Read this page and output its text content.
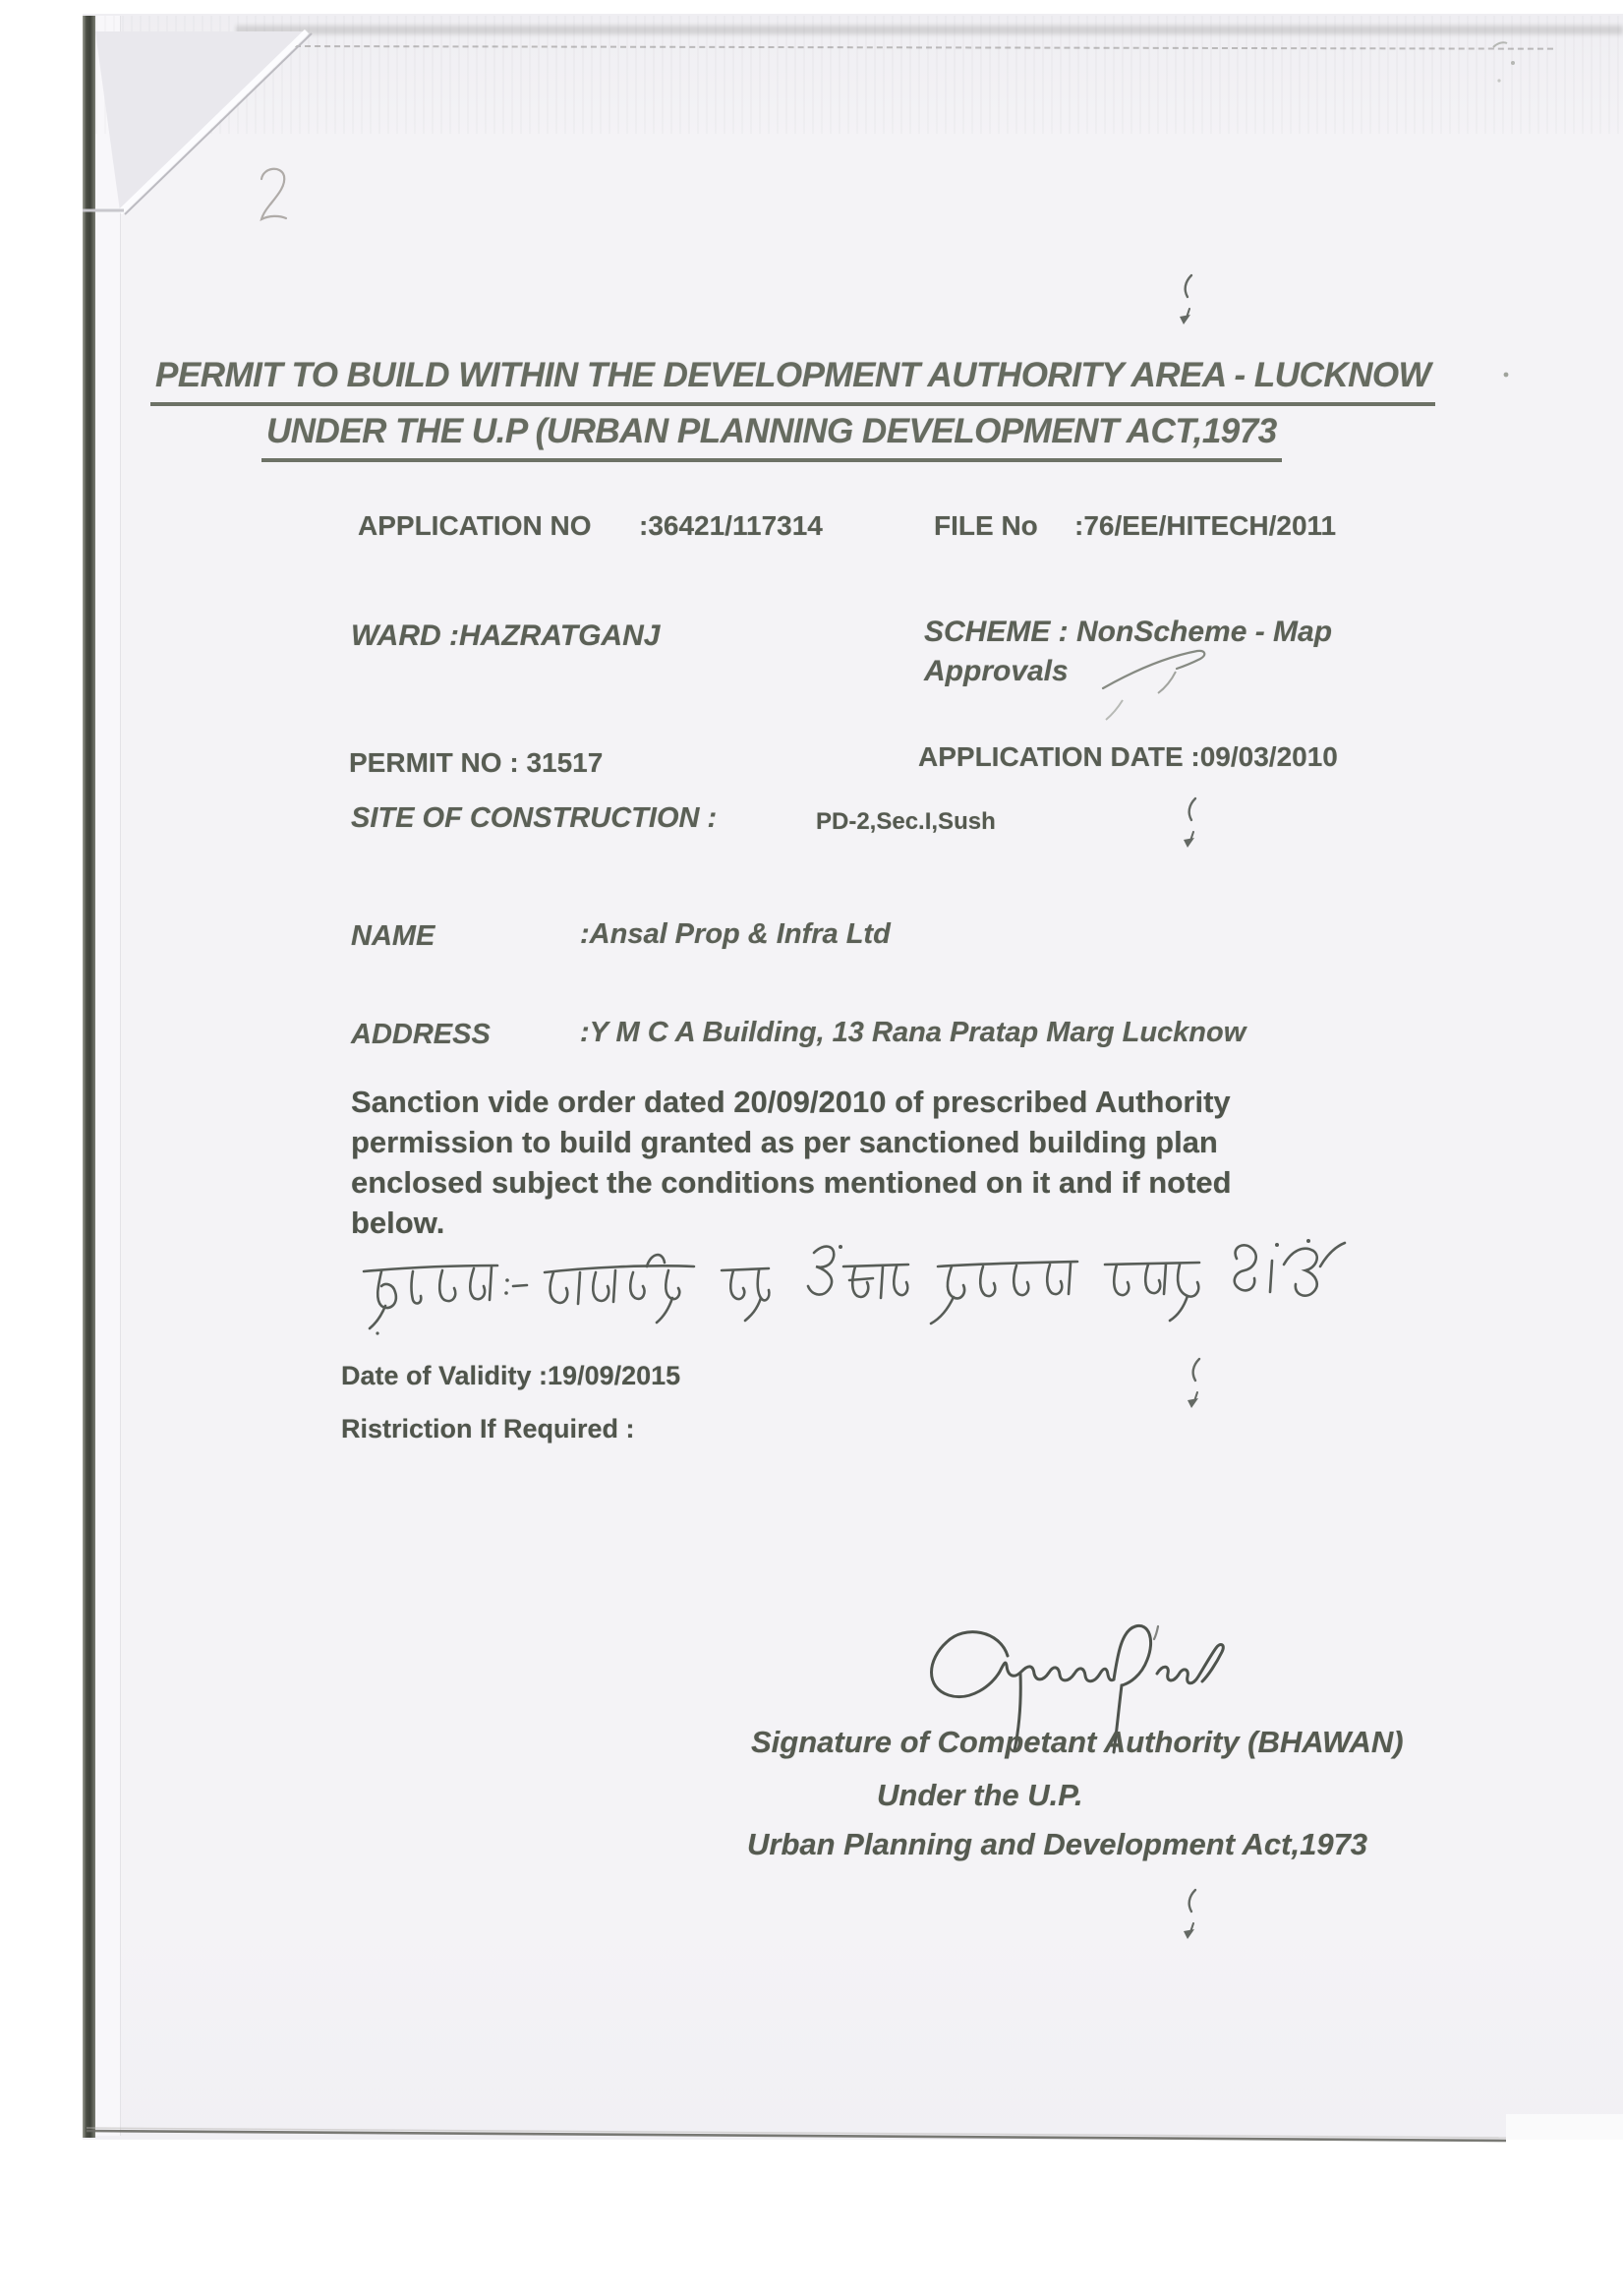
PERMIT TO BUILD WITHIN THE DEVELOPMENT AUTHORITY AREA - LUCKNOW
UNDER THE U.P (URBAN PLANNING DEVELOPMENT ACT,1973
APPLICATION NO :36421/117314	FILE No :76/EE/HITECH/2011
WARD :HAZRATGANJ	SCHEME : NonScheme - Map
Approvals
PERMIT NO : 31517	APPLICATION DATE :09/03/2010
SITE OF CONSTRUCTION :	PD-2,Sec.I,Sush
NAME	:Ansal Prop & Infra Ltd
ADDRESS	:Y M C A Building, 13 Rana Pratap Marg Lucknow
Sanction vide order dated 20/09/2010 of prescribed Authority
permission to build granted as per sanctioned building plan
enclosed subject the conditions mentioned on it and if noted
below.
Date of Validity :19/09/2015
Ristriction If Required :
Signature of Competant Authority (BHAWAN)
Under the U.P.
Urban Planning and Development Act,1973
